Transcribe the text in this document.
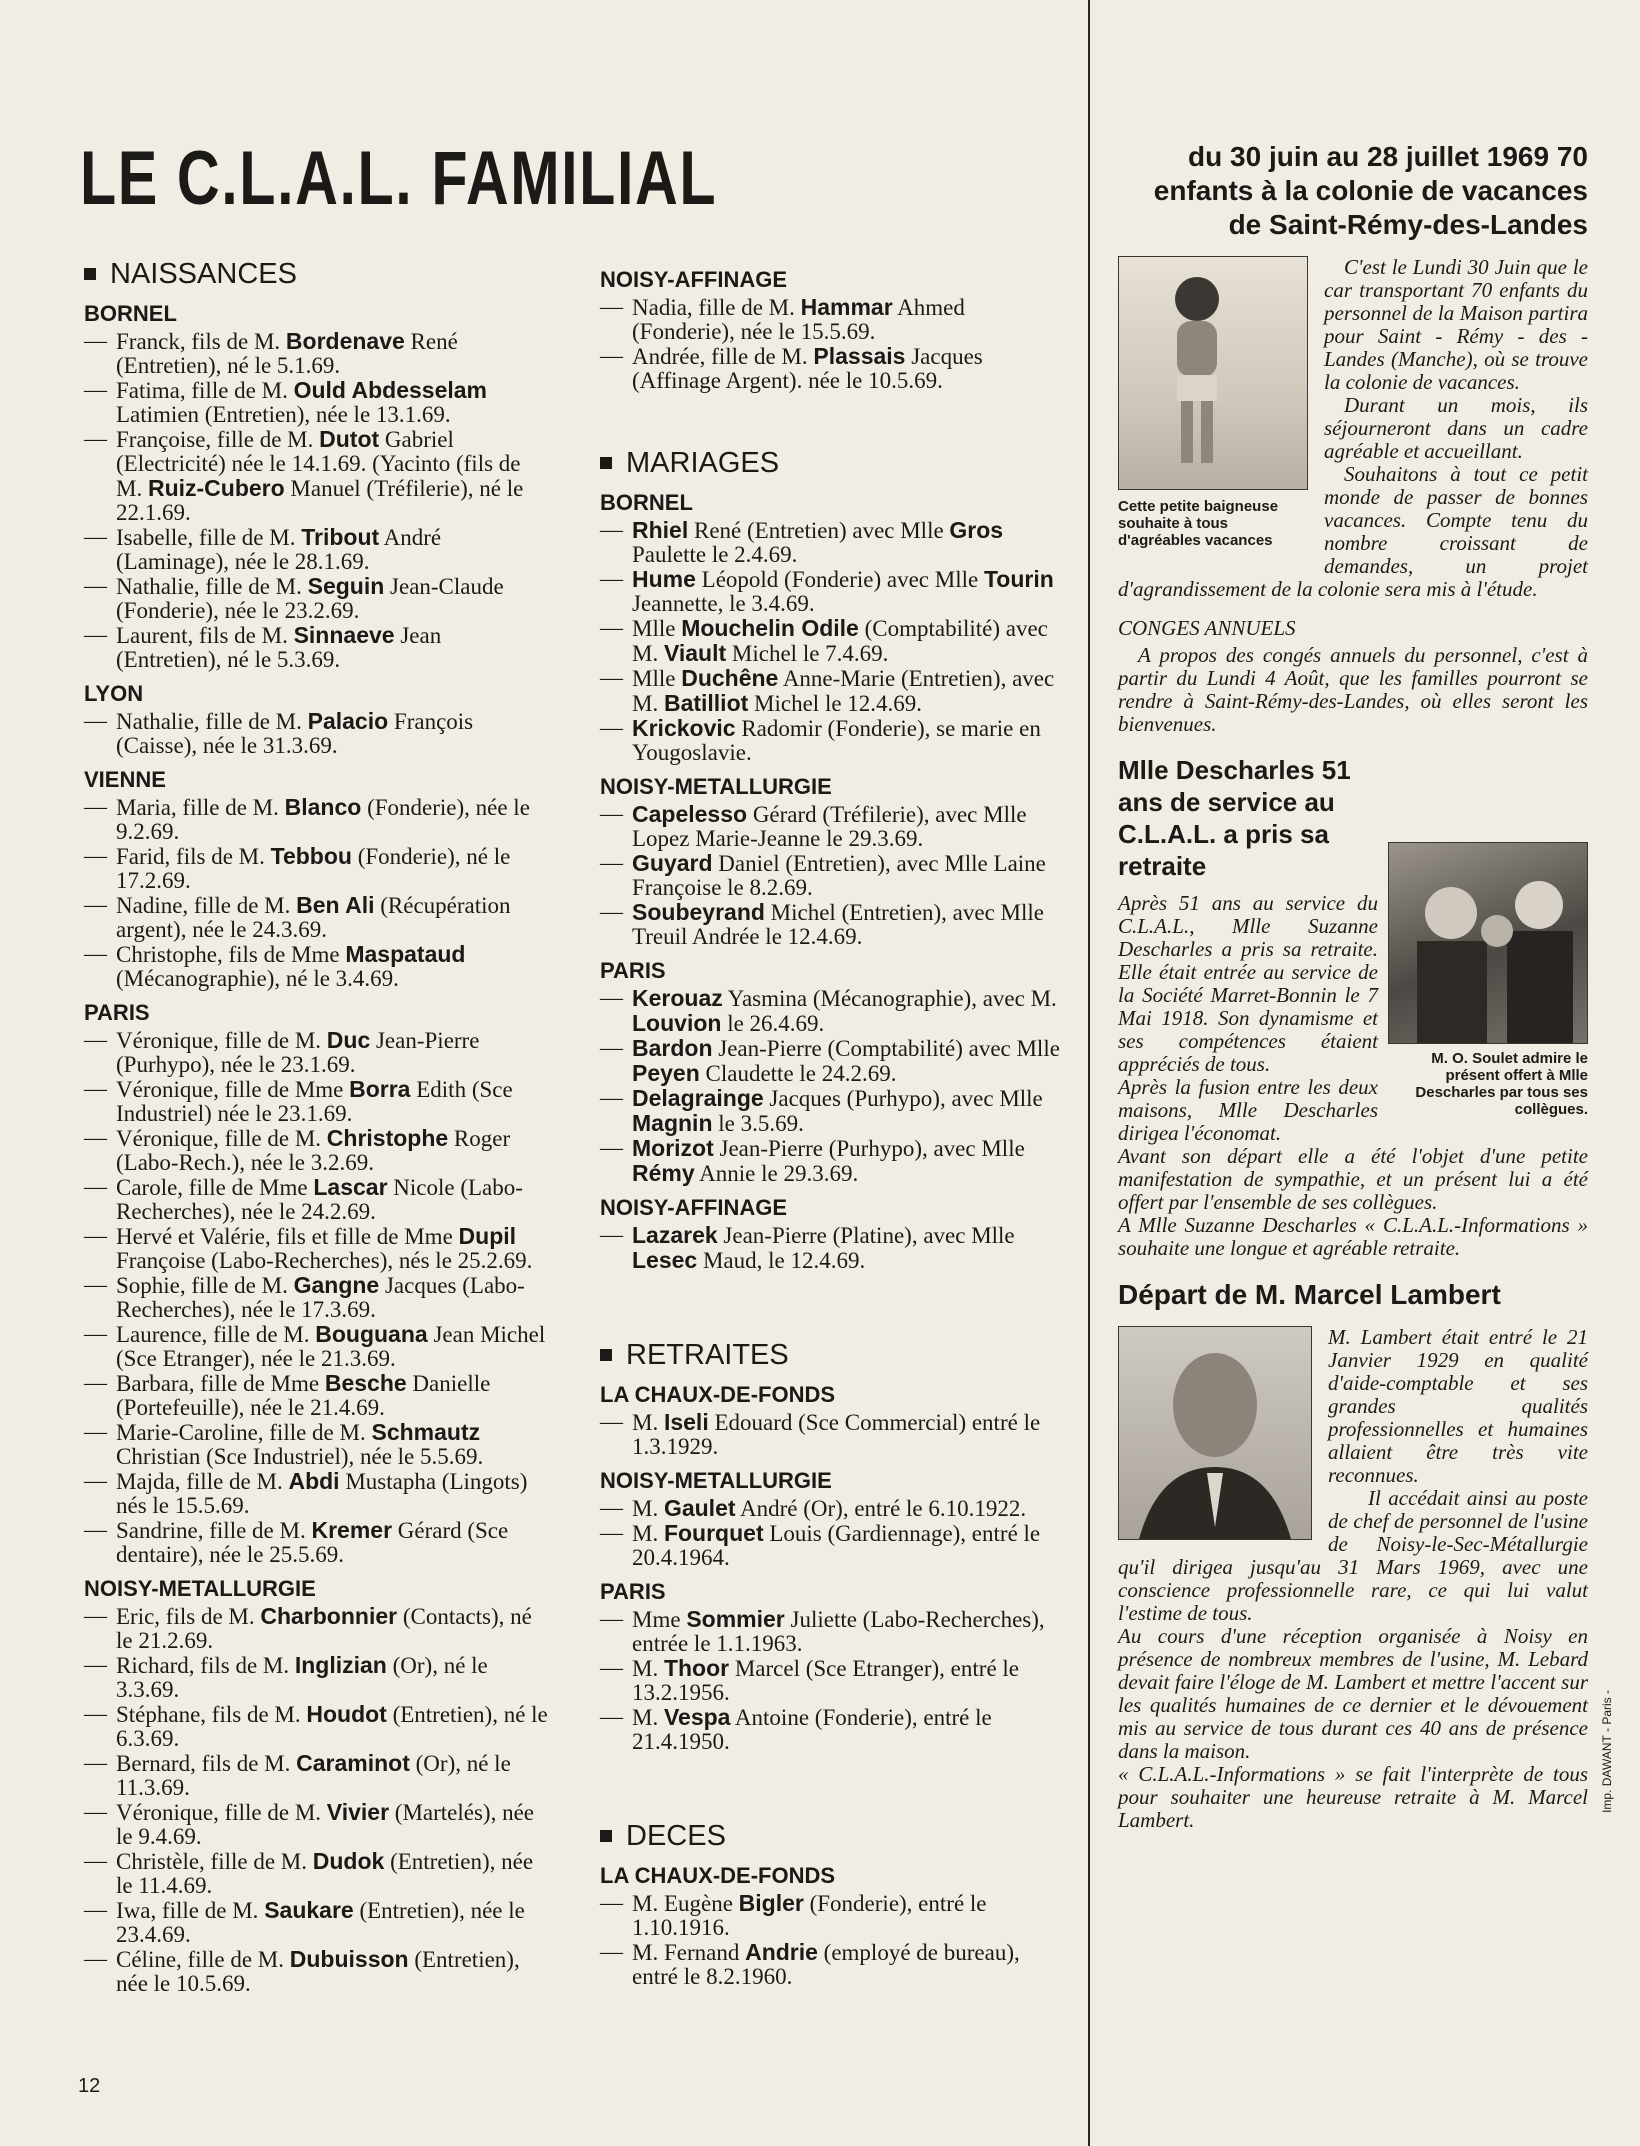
LE C.L.A.L. FAMILIAL
NAISSANCES
BORNEL

— Franck, fils de M. Bordenave René (Entretien), né le 5.1.69.

— Fatima, fille de M. Ould Abdesselam Latimien (Entretien), née le 13.1.69.

— Françoise, fille de M. Dutot Gabriel (Electricité) née le 14.1.69. (Yacinto (fils de M. Ruiz-Cubero Manuel (Tréfilerie), né le 22.1.69.

— Isabelle, fille de M. Tribout André (Laminage), née le 28.1.69.

— Nathalie, fille de M. Seguin Jean-Claude (Fonderie), née le 23.2.69.

— Laurent, fils de M. Sinnaeve Jean (Entretien), né le 5.3.69.

LYON

— Nathalie, fille de M. Palacio François (Caisse), née le 31.3.69.

VIENNE

— Maria, fille de M. Blanco (Fonderie), née le 9.2.69.

— Farid, fils de M. Tebbou (Fonderie), né le 17.2.69.

— Nadine, fille de M. Ben Ali (Récupération argent), née le 24.3.69.

— Christophe, fils de Mme Maspataud (Mécanographie), né le 3.4.69.

PARIS

— Véronique, fille de M. Duc Jean-Pierre (Purhypo), née le 23.1.69.

— Véronique, fille de Mme Borra Edith (Sce Industriel) née le 23.1.69.

— Véronique, fille de M. Christophe Roger (Labo-Rech.), née le 3.2.69.

— Carole, fille de Mme Lascar Nicole (Labo-Recherches), née le 24.2.69.

— Hervé et Valérie, fils et fille de Mme Dupil Françoise (Labo-Recherches), nés le 25.2.69.

— Sophie, fille de M. Gangne Jacques (Labo-Recherches), née le 17.3.69.

— Laurence, fille de M. Bouguana Jean Michel (Sce Etranger), née le 21.3.69.

— Barbara, fille de Mme Besche Danielle (Portefeuille), née le 21.4.69.

— Marie-Caroline, fille de M. Schmautz Christian (Sce Industriel), née le 5.5.69.

— Majda, fille de M. Abdi Mustapha (Lingots) nés le 15.5.69.

— Sandrine, fille de M. Kremer Gérard (Sce dentaire), née le 25.5.69.

NOISY-METALLURGIE

— Eric, fils de M. Charbonnier (Contacts), né le 21.2.69.

— Richard, fils de M. Inglizian (Or), né le 3.3.69.

— Stéphane, fils de M. Houdot (Entretien), né le 6.3.69.

— Bernard, fils de M. Caraminot (Or), né le 11.3.69.

— Véronique, fille de M. Vivier (Martelés), née le 9.4.69.

— Christèle, fille de M. Dudok (Entretien), née le 11.4.69.

— Iwa, fille de M. Saukare (Entretien), née le 23.4.69.

— Céline, fille de M. Dubuisson (Entretien), née le 10.5.69.

NOISY-AFFINAGE

— Nadia, fille de M. Hammar Ahmed (Fonderie), née le 15.5.69.

— Andrée, fille de M. Plassais Jacques (Affinage Argent). née le 10.5.69.

MARIAGES
BORNEL

— Rhiel René (Entretien) avec Mlle Gros Paulette le 2.4.69.

— Hume Léopold (Fonderie) avec Mlle Tourin Jeannette, le 3.4.69.

— Mlle Mouchelin Odile (Comptabilité) avec M. Viault Michel le 7.4.69.

— Mlle Duchêne Anne-Marie (Entretien), avec M. Batilliot Michel le 12.4.69.

— Krickovic Radomir (Fonderie), se marie en Yougoslavie.

NOISY-METALLURGIE

— Capelesso Gérard (Tréfilerie), avec Mlle Lopez Marie-Jeanne le 29.3.69.

— Guyard Daniel (Entretien), avec Mlle Laine Françoise le 8.2.69.

— Soubeyrand Michel (Entretien), avec Mlle Treuil Andrée le 12.4.69.

PARIS

— Kerouaz Yasmina (Mécanographie), avec M. Louvion le 26.4.69.

— Bardon Jean-Pierre (Comptabilité) avec Mlle Peyen Claudette le 24.2.69.

— Delagrainge Jacques (Purhypo), avec Mlle Magnin le 3.5.69.

— Morizot Jean-Pierre (Purhypo), avec Mlle Rémy Annie le 29.3.69.

NOISY-AFFINAGE

— Lazarek Jean-Pierre (Platine), avec Mlle Lesec Maud, le 12.4.69.

RETRAITES
LA CHAUX-DE-FONDS

— M. Iseli Edouard (Sce Commercial) entré le 1.3.1929.

NOISY-METALLURGIE

— M. Gaulet André (Or), entré le 6.10.1922.

— M. Fourquet Louis (Gardiennage), entré le 20.4.1964.

PARIS

— Mme Sommier Juliette (Labo-Recherches), entrée le 1.1.1963.

— M. Thoor Marcel (Sce Etranger), entré le 13.2.1956.

— M. Vespa Antoine (Fonderie), entré le 21.4.1950.

DECES
LA CHAUX-DE-FONDS

— M. Eugène Bigler (Fonderie), entré le 1.10.1916.

— M. Fernand Andrie (employé de bureau), entré le 8.2.1960.

du 30 juin au 28 juillet 1969 70 enfants à la colonie de vacances de Saint-Rémy-des-Landes

Cette petite baigneuse souhaite à tous d'agréables vacances

C'est le Lundi 30 Juin que le car transportant 70 enfants du personnel de la Maison partira pour Saint - Rémy - des - Landes (Manche), où se trouve la colonie de vacances.

Durant un mois, ils séjourneront dans un cadre agréable et accueillant.

Souhaitons à tout ce petit monde de passer de bonnes vacances. Compte tenu du nombre croissant de demandes, un projet d'agrandissement de la colonie sera mis à l'étude.

CONGES ANNUELS

A propos des congés annuels du personnel, c'est à partir du Lundi 4 Août, que les familles pourront se rendre à Saint-Rémy-des-Landes, où elles seront les bienvenues.

Mlle Descharles 51 ans de service au C.L.A.L. a pris sa retraite

M. O. Soulet admire le présent offert à Mlle Descharles par tous ses collègues.

Après 51 ans au service du C.L.A.L., Mlle Suzanne Descharles a pris sa retraite. Elle était entrée au service de la Société Marret-Bonnin le 7 Mai 1918. Son dynamisme et ses compétences étaient appréciés de tous.

Après la fusion entre les deux maisons, Mlle Descharles dirigea l'économat.

Avant son départ elle a été l'objet d'une petite manifestation de sympathie, et un présent lui a été offert par l'ensemble de ses collègues.

A Mlle Suzanne Descharles « C.L.A.L.-Informations » souhaite une longue et agréable retraite.

Départ de M. Marcel Lambert

M. Lambert était entré le 21 Janvier 1929 en qualité d'aide-comptable et ses grandes qualités professionnelles et humaines allaient être très vite reconnues.

Il accédait ainsi au poste de chef de personnel de l'usine de Noisy-le-Sec-Métallurgie qu'il dirigea jusqu'au 31 Mars 1969, avec une conscience professionnelle rare, ce qui lui valut l'estime de tous.

Au cours d'une réception organisée à Noisy en présence de nombreux membres de l'usine, M. Lebard devait faire l'éloge de M. Lambert et mettre l'accent sur les qualités humaines de ce dernier et le dévouement mis au service de tous durant ces 40 ans de présence dans la maison.

« C.L.A.L.-Informations » se fait l'interprète de tous pour souhaiter une heureuse retraite à M. Marcel Lambert.

12
Imp. DAWANT - Paris -
